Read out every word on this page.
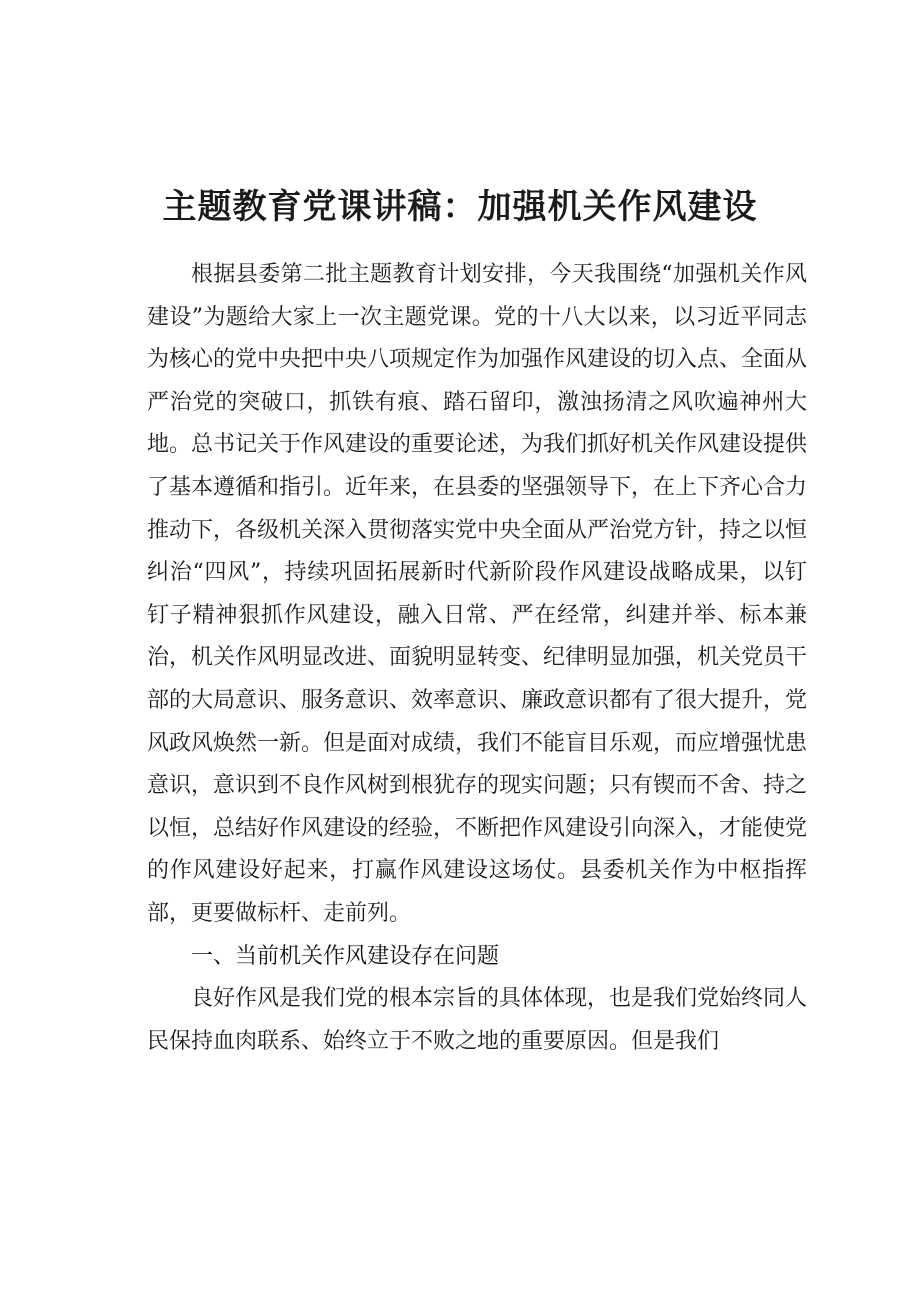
主题教育党课讲稿：加强机关作风建设

根据县委第二批主题教育计划安排，今天我围绕“加强机关作风建设”为题给大家上一次主题党课。党的十八大以来，以习近平同志为核心的党中央把中央八项规定作为加强作风建设的切入点、全面从严治党的突破口，抓铁有痕、踏石留印，激浊扬清之风吹遍神州大地。总书记关于作风建设的重要论述，为我们抓好机关作风建设提供了基本遵循和指引。近年来，在县委的坚强领导下，在上下齐心合力推动下，各级机关深入贯彻落实党中央全面从严治党方针，持之以恒纠治“四风”，持续巩固拓展新时代新阶段作风建设战略成果，以钉钉子精神狠抓作风建设，融入日常、严在经常，纠建并举、标本兼治，机关作风明显改进、面貌明显转变、纪律明显加强，机关党员干部的大局意识、服务意识、效率意识、廉政意识都有了很大提升，党风政风焕然一新。但是面对成绩，我们不能盲目乐观，而应增强忧患意识，意识到不良作风树到根犹存的现实问题；只有锲而不舍、持之以恒，总结好作风建设的经验，不断把作风建设引向深入，才能使党的作风建设好起来，打赢作风建设这场仗。县委机关作为中枢指挥部，更要做标杆、走前列。

一、当前机关作风建设存在问题

良好作风是我们党的根本宗旨的具体体现，也是我们党始终同人民保持血肉联系、始终立于不败之地的重要原因。但是我们
